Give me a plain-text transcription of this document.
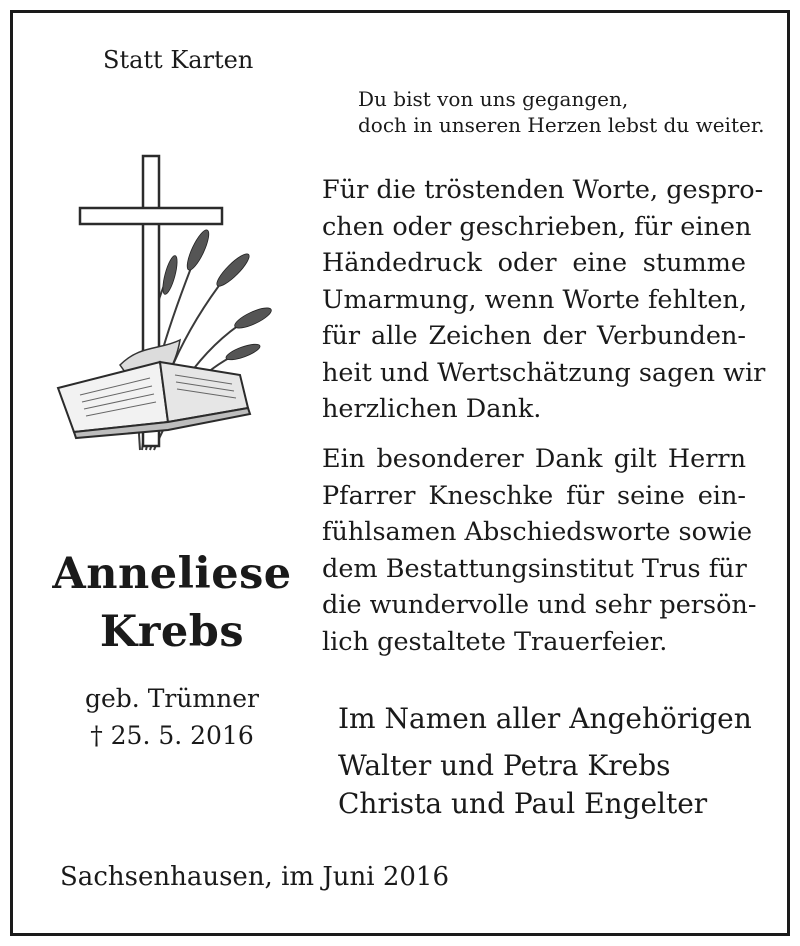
Statt Karten
Du bist von uns gegangen,
doch in unseren Herzen lebst du weiter.
Für die tröstenden Worte, gespro-
chen oder geschrieben, für einen
Händedruck oder eine stumme
Umarmung, wenn Worte fehlten,
für alle Zeichen der Verbunden-
heit und Wertschätzung sagen wir
herzlichen Dank.
Ein besonderer Dank gilt Herrn
Pfarrer Kneschke für seine ein-
fühlsamen Abschiedsworte sowie
dem Bestattungsinstitut Trus für
die wundervolle und sehr persön-
lich gestaltete Trauerfeier.
Anneliese
Krebs
geb. Trümner
† 25. 5. 2016
Im Namen aller Angehörigen
Walter und Petra Krebs
Christa und Paul Engelter
Sachsenhausen, im Juni 2016
